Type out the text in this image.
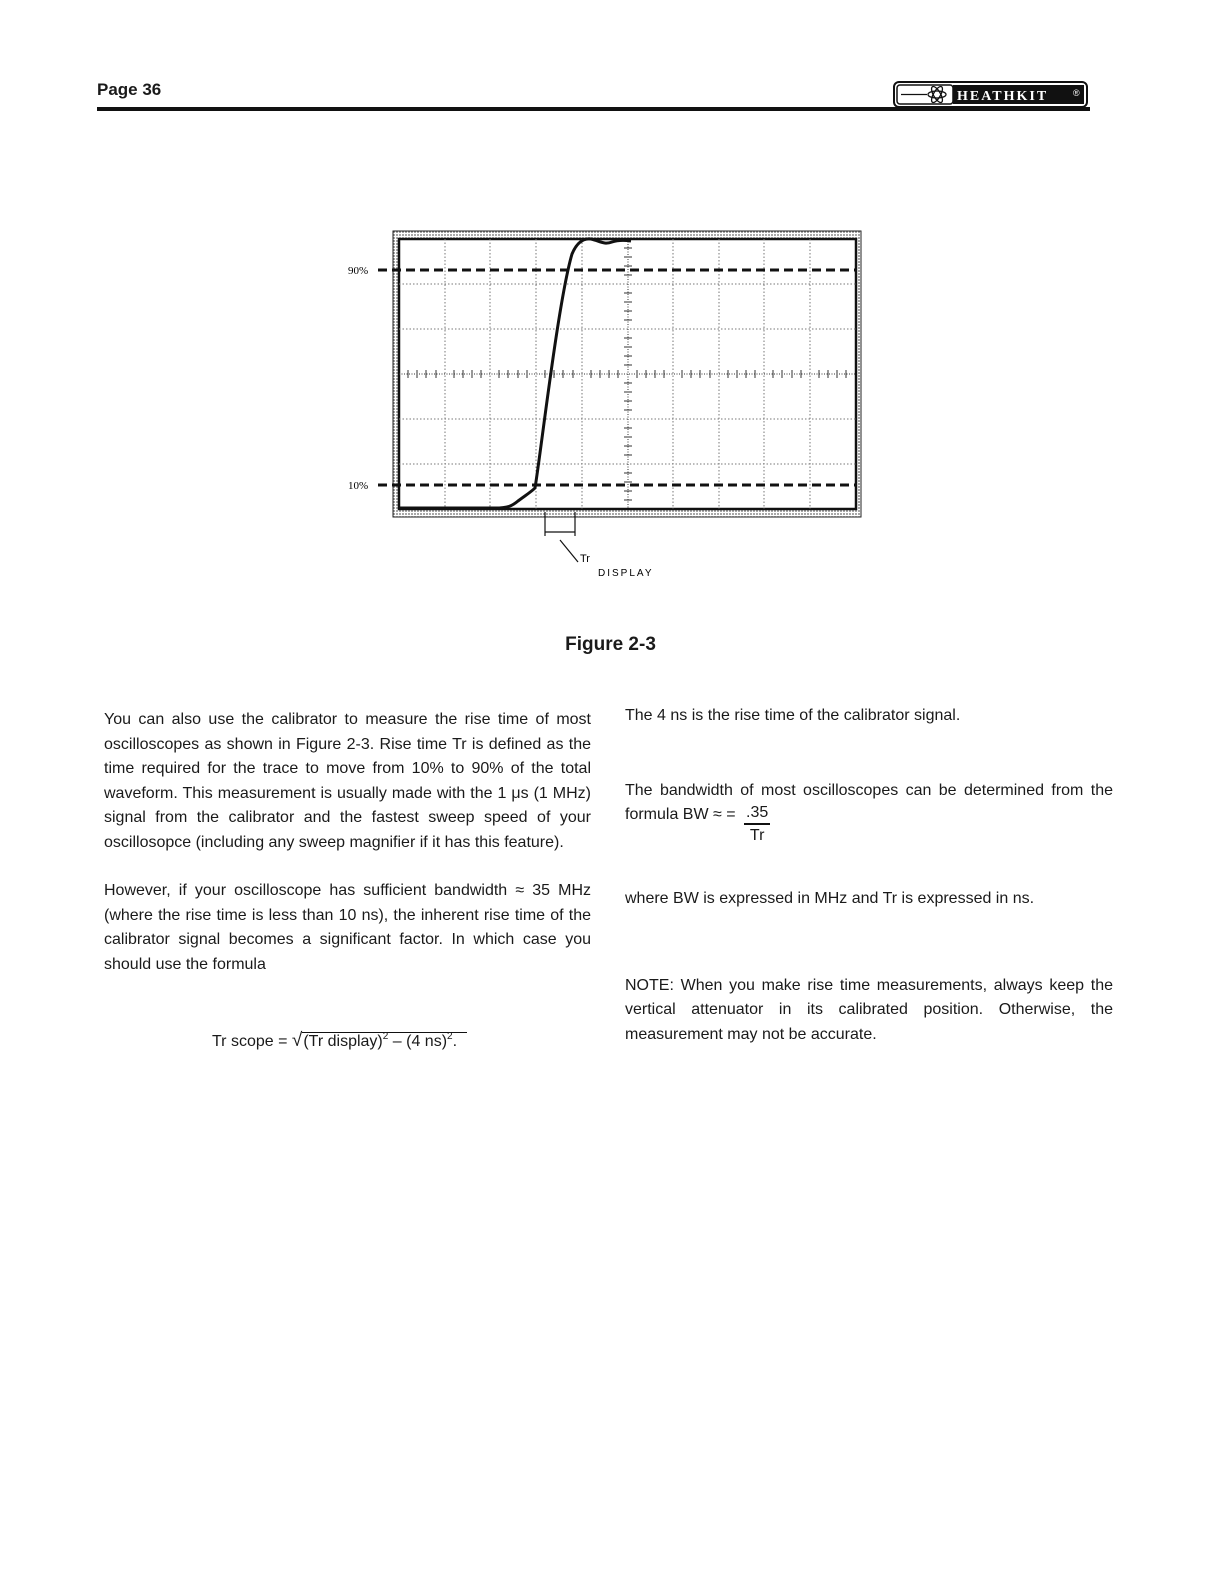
Page 36	HEATHKIT	®
90%
10%
Tr
DISPLAY
Figure 2-3

You can also use the calibrator to measure the rise time of most oscilloscopes as shown in Figure 2-3. Rise time Tr is defined as the time required for the trace to move from 10% to 90% of the total waveform. This measurement is usually made with the 1 μs (1 MHz) signal from the calibrator and the fastest sweep speed of your oscillosopce (including any sweep magnifier if it has this feature).

However, if your oscilloscope has sufficient bandwidth ≈ 35 MHz (where the rise time is less than 10 ns), the inherent rise time of the calibrator signal becomes a significant factor. In which case you should use the formula

Tr scope = √(Tr display)$^2$ – (4 ns)$^2$.

The 4 ns is the rise time of the calibrator signal.

The bandwidth of most oscilloscopes can be determined from the formula BW ≈ = $\frac{.35}{Tr}$

where BW is expressed in MHz and Tr is expressed in ns.

NOTE: When you make rise time measurements, always keep the vertical attenuator in its calibrated position. Otherwise, the measurement may not be accurate.
